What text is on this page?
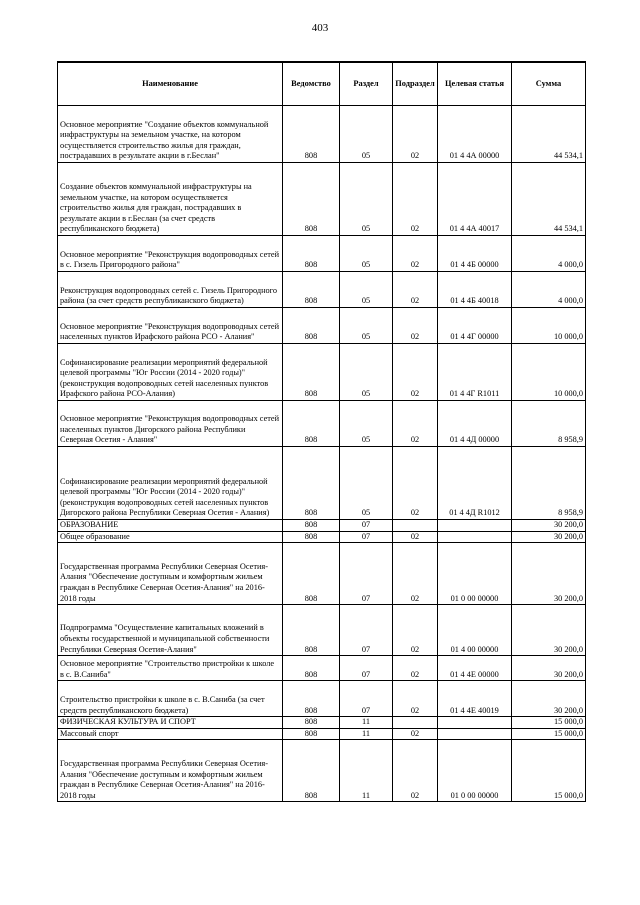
403
Наименование	Ведомство	Раздел	Подраздел	Целевая статья	Сумма
Основное мероприятие "Создание объектов коммунальной инфраструктуры на земельном участке, на котором осуществляется строительство жилья для граждан, пострадавших в результате акции в г.Беслан"	808	05	02	01 4 4А 00000	44 534,1
Создание объектов коммунальной инфраструктуры на земельном участке, на котором осуществляется строительство жилья для граждан, пострадавших в результате акции в г.Беслан (за счет средств республиканского бюджета)	808	05	02	01 4 4А 40017	44 534,1
Основное мероприятие "Реконструкция водопроводных сетей в с. Гизель Пригородного района"	808	05	02	01 4 4Б 00000	4 000,0
Реконструкция водопроводных сетей с. Гизель Пригородного района (за счет средств республиканского бюджета)	808	05	02	01 4 4Б 40018	4 000,0
Основное мероприятие "Реконструкция водопроводных сетей населенных пунктов Ирафского района РСО - Алания"	808	05	02	01 4 4Г 00000	10 000,0
Софинансирование реализации мероприятий федеральной целевой программы "Юг России (2014 - 2020 годы)" (реконструкция водопроводных сетей населенных пунктов Ирафского района РСО-Алания)	808	05	02	01 4 4Г R1011	10 000,0
Основное мероприятие "Реконструкция водопроводных сетей населенных пунктов Дигорского района Республики Северная Осетия - Алания"	808	05	02	01 4 4Д 00000	8 958,9
Софинансирование реализации мероприятий федеральной целевой программы "Юг России (2014 - 2020 годы)" (реконструкция водопроводных сетей населенных пунктов Дигорского района Республики Северная Осетия - Алания)	808	05	02	01 4 4Д R1012	8 958,9
ОБРАЗОВАНИЕ	808	07			30 200,0
Общее образование	808	07	02		30 200,0
Государственная программа Республики Северная Осетия-Алания "Обеспечение доступным и комфортным жильем граждан в Республике Северная Осетия-Алания" на 2016-2018 годы	808	07	02	01 0 00 00000	30 200,0
Подпрограмма "Осуществление капитальных вложений в объекты государственной и муниципальной собственности Республики Северная Осетия-Алания"	808	07	02	01 4 00 00000	30 200,0
Основное мероприятие "Строительство пристройки к школе в с. В.Саниба"	808	07	02	01 4 4Е 00000	30 200,0
Строительство пристройки к школе в с. В.Саниба (за счет средств республиканского бюджета)	808	07	02	01 4 4Е 40019	30 200,0
ФИЗИЧЕСКАЯ КУЛЬТУРА И СПОРТ	808	11			15 000,0
Массовый спорт	808	11	02		15 000,0
Государственная программа Республики Северная Осетия-Алания "Обеспечение доступным и комфортным жильем граждан в Республике Северная Осетия-Алания" на 2016-2018 годы	808	11	02	01 0 00 00000	15 000,0
